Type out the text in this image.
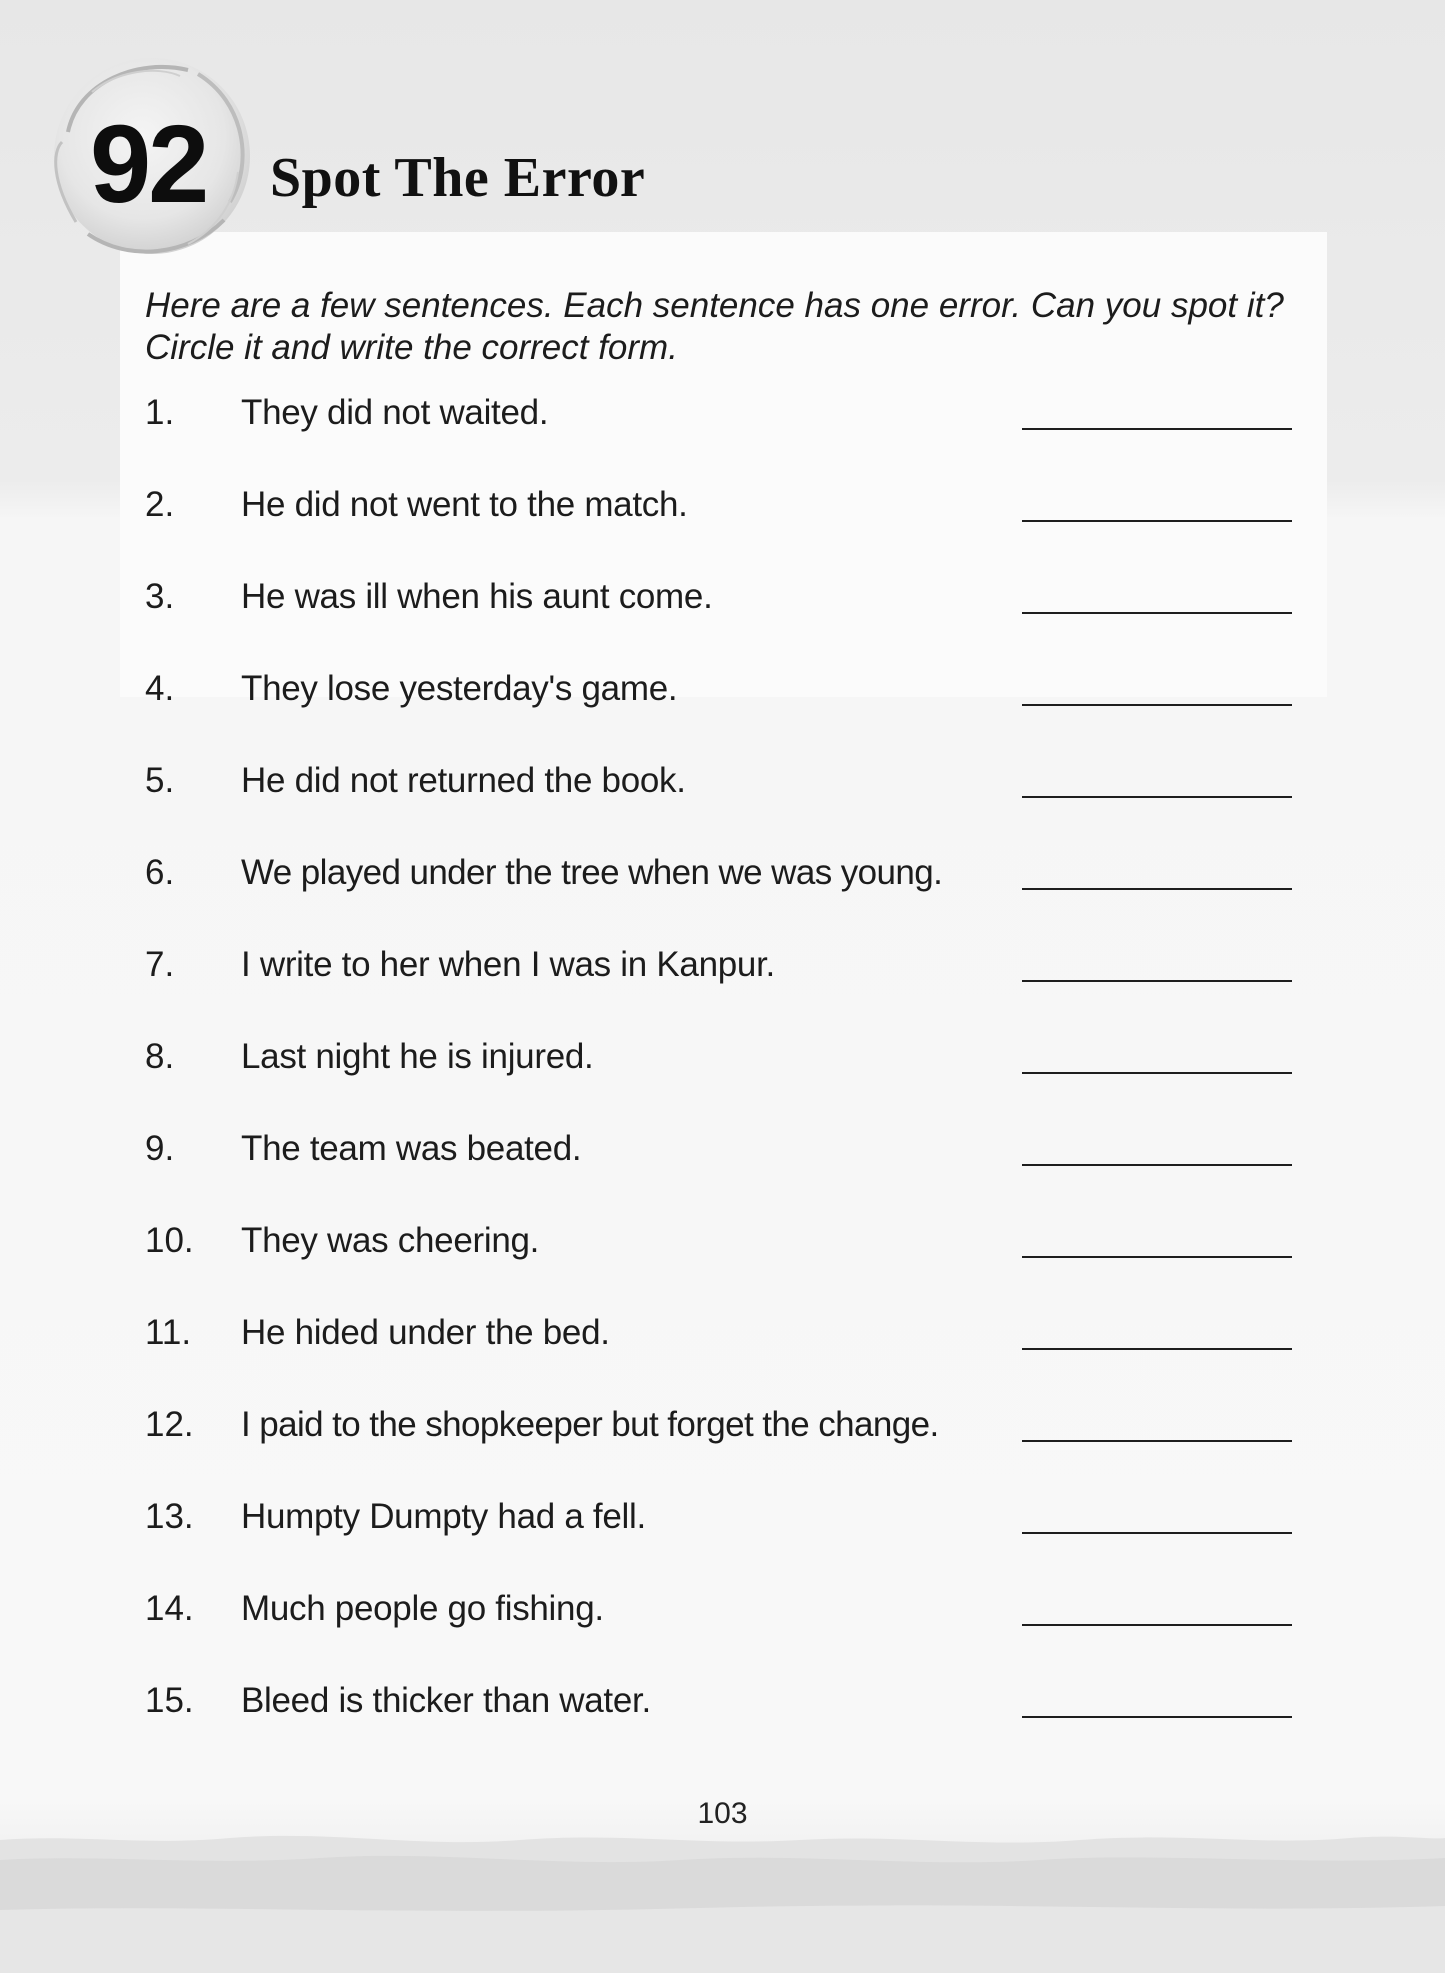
92 Spot The Error

Here are a few sentences. Each sentence has one error. Can you spot it? Circle it and write the correct form.

1. They did not waited.
2. He did not went to the match.
3. He was ill when his aunt come.
4. They lose yesterday's game.
5. He did not returned the book.
6. We played under the tree when we was young.
7. I write to her when I was in Kanpur.
8. Last night he is injured.
9. The team was beated.
10. They was cheering.
11. He hided under the bed.
12. I paid to the shopkeeper but forget the change.
13. Humpty Dumpty had a fell.
14. Much people go fishing.
15. Bleed is thicker than water.
103
